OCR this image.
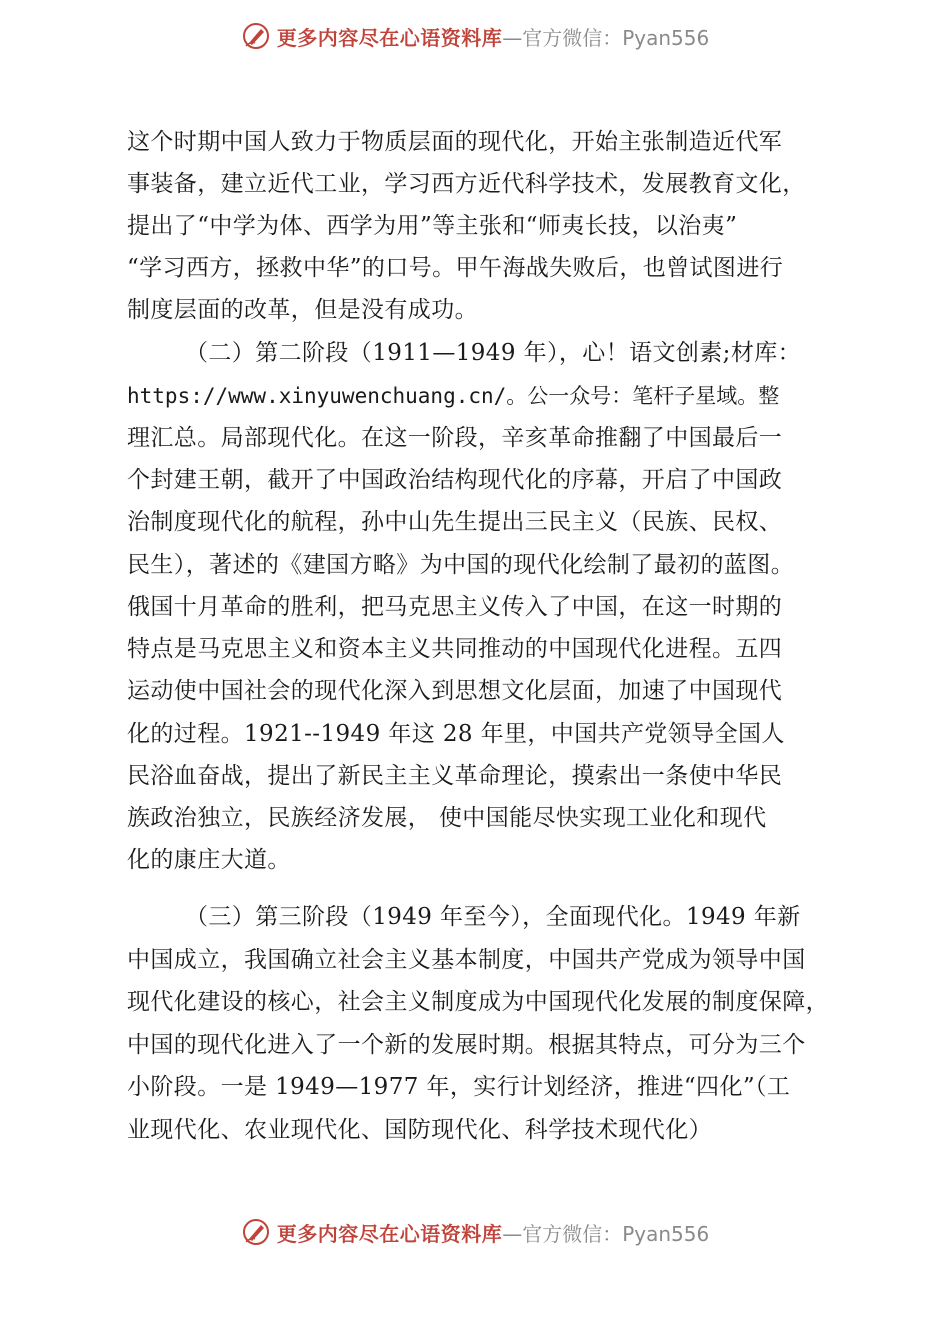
更多内容尽在心语资料库 —官方微信：Pyan556
这个时期中国人致力于物质层面的现代化，开始主张制造近代军
事装备，建立近代工业，学习西方近代科学技术，发展教育文化，
提出了“中学为体、西学为用”等主张和“师夷长技，以治夷”
“学习西方，拯救中华”的口号。甲午海战失败后，也曾试图进行
制度层面的改革，但是没有成功。
（二）第二阶段（1911—1949 年），心！语文创素;材库：
https://www.xinyuwenchuang.cn/。公一众号：笔杆子星域。整
理汇总。局部现代化。在这一阶段，辛亥革命推翻了中国最后一
个封建王朝，截开了中国政治结构现代化的序幕，开启了中国政
治制度现代化的航程，孙中山先生提出三民主义（民族、民权、
民生），著述的《建国方略》为中国的现代化绘制了最初的蓝图。
俄国十月革命的胜利，把马克思主义传入了中国，在这一时期的
特点是马克思主义和资本主义共同推动的中国现代化进程。五四
运动使中国社会的现代化深入到思想文化层面，加速了中国现代
化的过程。1921--1949 年这 28 年里，中国共产党领导全国人
民浴血奋战，提出了新民主主义革命理论，摸索出一条使中华民
族政治独立，民族经济发展， 使中国能尽快实现工业化和现代
化的康庄大道。
（三）第三阶段（1949 年至今），全面现代化。1949 年新
中国成立，我国确立社会主义基本制度，中国共产党成为领导中国
现代化建设的核心，社会主义制度成为中国现代化发展的制度保障，
中国的现代化进入了一个新的发展时期。根据其特点，可分为三个
小阶段。一是 1949—1977 年，实行计划经济，推进“四化”（工
业现代化、农业现代化、国防现代化、科学技术现代化）
更多内容尽在心语资料库 —官方微信：Pyan556
